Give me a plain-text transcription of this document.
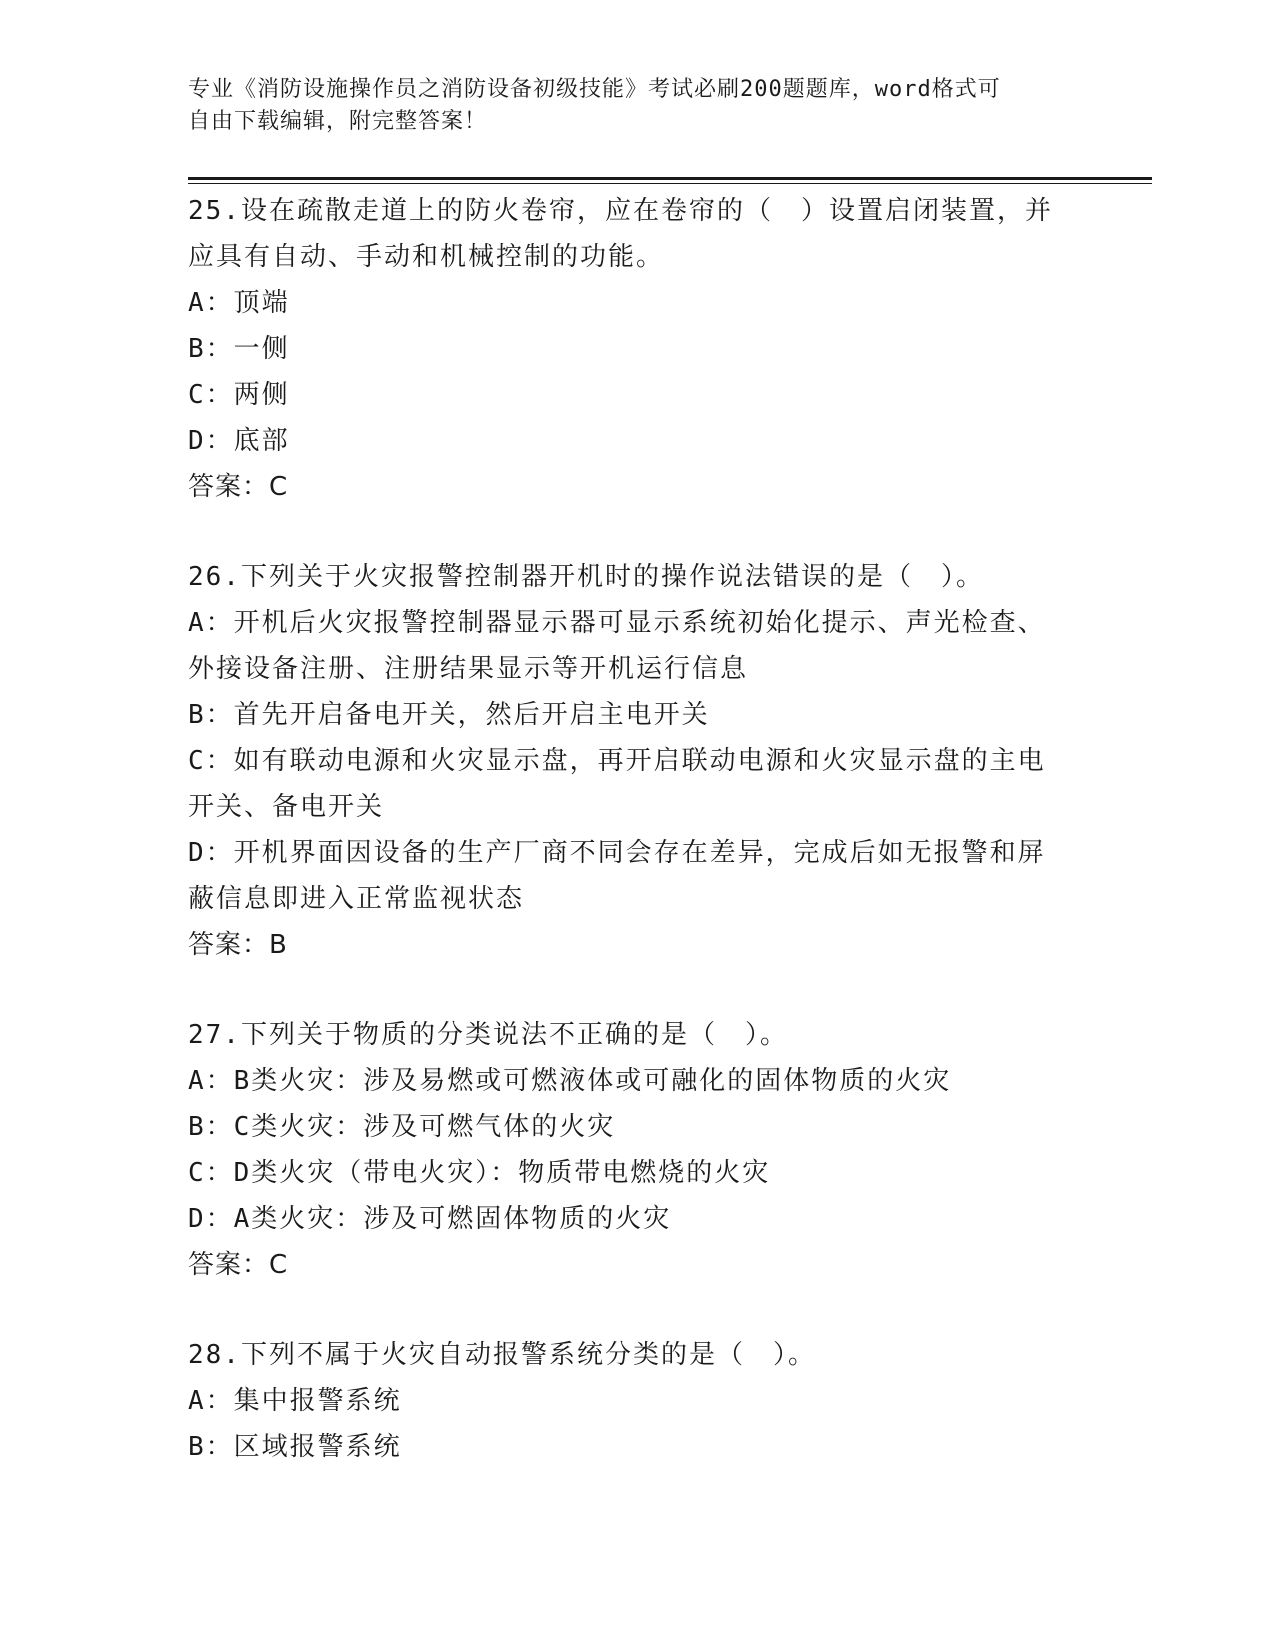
专业《消防设施操作员之消防设备初级技能》考试必刷200题题库，word格式可
自由下载编辑，附完整答案！
25.设在疏散走道上的防火卷帘，应在卷帘的（　）设置启闭装置，并
应具有自动、手动和机械控制的功能。
A：顶端
B：一侧
C：两侧
D：底部
答案：C
26.下列关于火灾报警控制器开机时的操作说法错误的是（　）。
A：开机后火灾报警控制器显示器可显示系统初始化提示、声光检查、
外接设备注册、注册结果显示等开机运行信息
B：首先开启备电开关，然后开启主电开关
C：如有联动电源和火灾显示盘，再开启联动电源和火灾显示盘的主电
开关、备电开关
D：开机界面因设备的生产厂商不同会存在差异，完成后如无报警和屏
蔽信息即进入正常监视状态
答案：B
27.下列关于物质的分类说法不正确的是（　）。
A：B类火灾：涉及易燃或可燃液体或可融化的固体物质的火灾
B：C类火灾：涉及可燃气体的火灾
C：D类火灾（带电火灾）：物质带电燃烧的火灾
D：A类火灾：涉及可燃固体物质的火灾
答案：C
28.下列不属于火灾自动报警系统分类的是（　）。
A：集中报警系统
B：区域报警系统
